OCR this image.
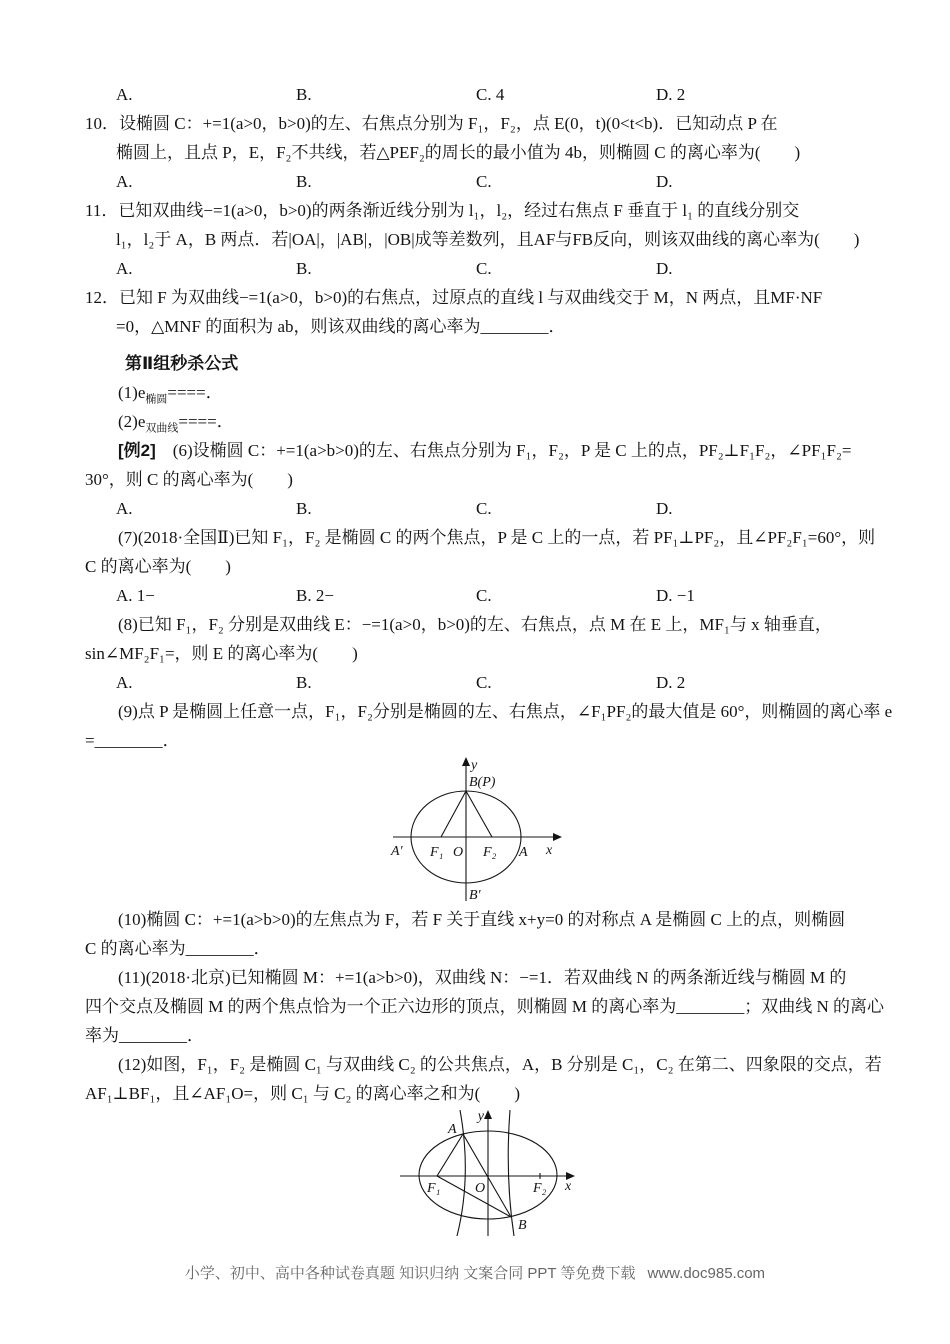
A.	B.	C. 4	D. 2
10．设椭圆 C：+=1(a>0，b>0)的左、右焦点分别为 F₁，F₂，点 E(0，t)(0<t<b)．已知动点 P 在
椭圆上，且点 P，E，F₂不共线，若△PEF₂的周长的最小值为 4b，则椭圆 C 的离心率为(　　)
A.	B.	C.	D.
11．已知双曲线−=1(a>0，b>0)的两条渐近线分别为 l₁，l₂，经过右焦点 F 垂直于 l₁ 的直线分别交
l₁，l₂于 A，B 两点．若|OA|，|AB|，|OB|成等差数列，且AF与FB反向，则该双曲线的离心率为(　　)
A.	B.	C.	D.
12．已知 F 为双曲线−=1(a>0，b>0)的右焦点，过原点的直线 l 与双曲线交于 M，N 两点，且MF·NF
=0，△MNF 的面积为 ab，则该双曲线的离心率为________．
第Ⅱ组秒杀公式
$(1)e_{椭圆}====$．
$(2)e_{双曲线}====$．
[例2]　(6)设椭圆 C：+=1(a>b>0)的左、右焦点分别为 F₁，F₂，P 是 C 上的点，PF₂⊥F₁F₂，∠PF₁F₂=
30°，则 C 的离心率为(　　)
A.	B.	C.	D.
(7)(2018·全国Ⅱ)已知 F₁，F₂ 是椭圆 C 的两个焦点，P 是 C 上的一点，若 PF₁⊥PF₂，且∠PF₂F₁=60°，则
C 的离心率为(　　)
A. 1−	B. 2−	C.	D. −1
(8)已知 F₁，F₂ 分别是双曲线 E：−=1(a>0，b>0)的左、右焦点，点 M 在 E 上，MF₁与 x 轴垂直，
sin∠MF₂F₁=，则 E 的离心率为(　　)
A.	B.	C.	D. 2
(9)点 P 是椭圆上任意一点，F₁，F₂分别是椭圆的左、右焦点，∠F₁PF₂的最大值是 60°，则椭圆的离心率 e
=________．
y
B(P)
A′ F₁ O F₂ A x
B′
(10)椭圆 C：+=1(a>b>0)的左焦点为 F，若 F 关于直线 x+y=0 的对称点 A 是椭圆 C 上的点，则椭圆
C 的离心率为________．
(11)(2018·北京)已知椭圆 M：+=1(a>b>0)，双曲线 N：−=1．若双曲线 N 的两条渐近线与椭圆 M 的
四个交点及椭圆 M 的两个焦点恰为一个正六边形的顶点，则椭圆 M 的离心率为________；双曲线 N 的离心
率为________．
(12)如图，F₁，F₂ 是椭圆 C₁ 与双曲线 C₂ 的公共焦点，A，B 分别是 C₁，C₂ 在第二、四象限的交点，若
AF₁⊥BF₁，且∠AF₁O=，则 C₁ 与 C₂ 的离心率之和为(　　)
y
A
F₁ O	F₂ x
B
小学、初中、高中各种试卷真题 知识归纳 文案合同 PPT 等免费下载 www.doc985.com
